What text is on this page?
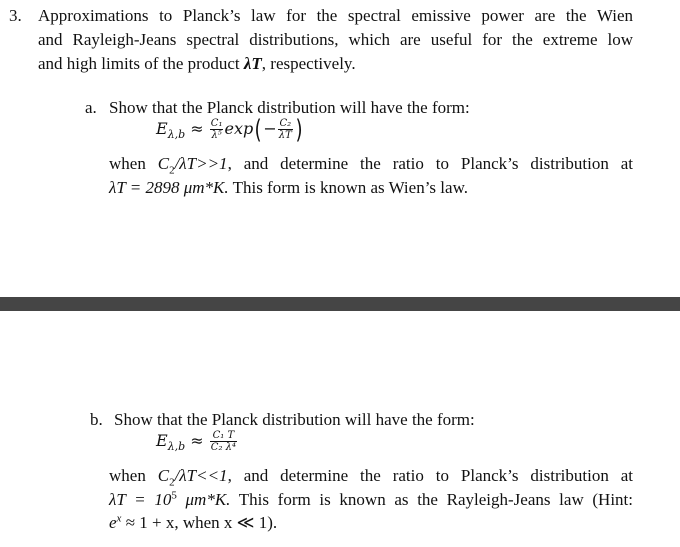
3. Approximations to Planck’s law for the spectral emissive power are the Wien
and Rayleigh-Jeans spectral distributions, which are useful for the extreme low
and high limits of the product λT, respectively.
a. Show that the Planck distribution will have the form:
$E_{\lambda,b} \approx \frac{\text{C₁}}{\text{λ⁵}} \exp(- \frac{\text{C₂}}{\lambda T}$ )
when $C_2/\lambda T>>1$, and determine the ratio to Planck’s distribution at
λT = 2898 μm*K. This form is known as Wien’s law.
b. Show that the Planck distribution will have the form:
$E_{\lambda,b} \approx \frac{\text{C₁ T}}{\text{C₂ λ⁴}}$
when $C_2/\lambda T<<1$, and determine the ratio to Planck’s distribution at
$\lambda T = 10^5$ μm*K. This form is known as the Rayleigh-Jeans law (Hint:
$e^x \approx 1 + x$, when x ≪ 1).
